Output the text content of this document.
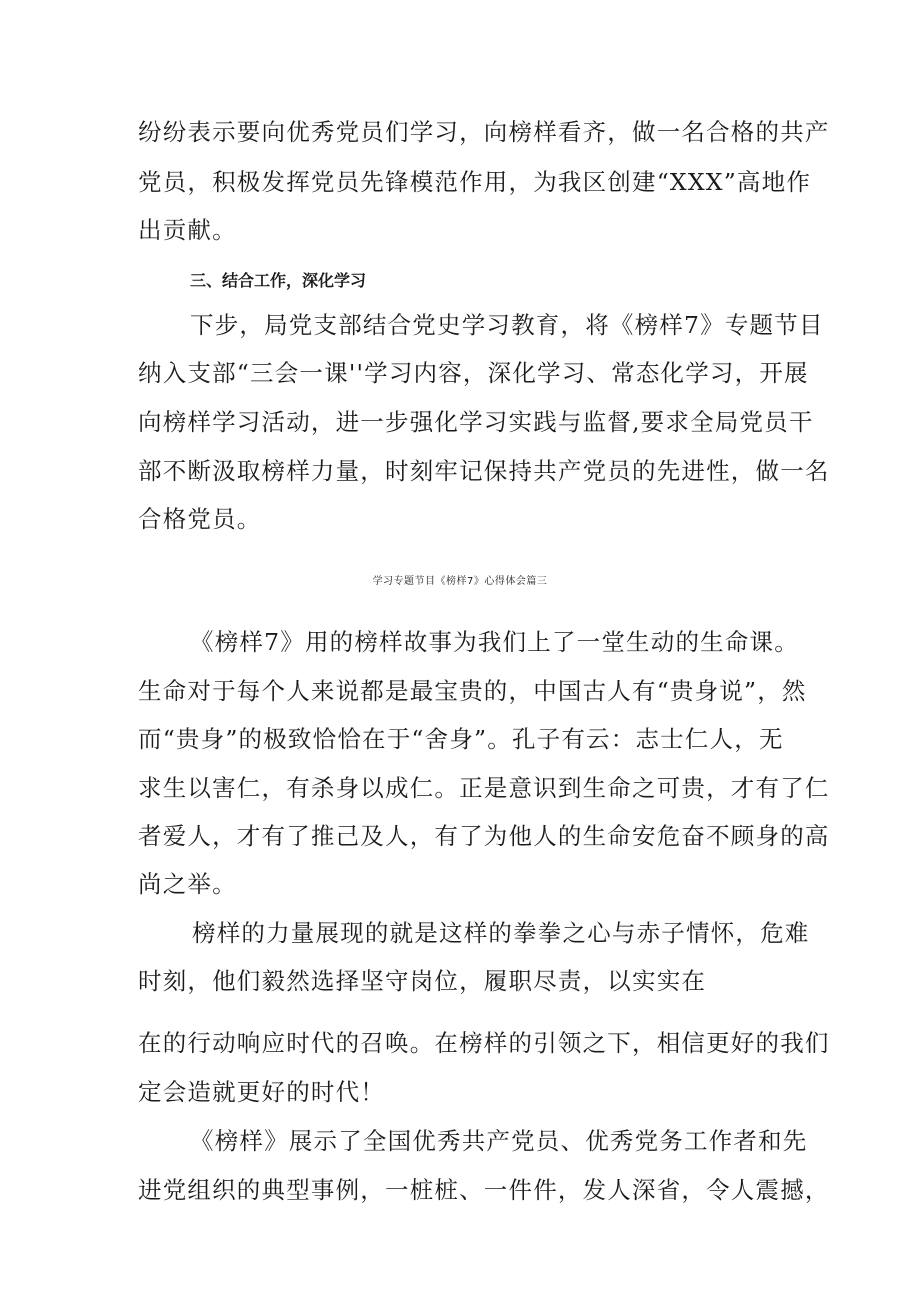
纷纷表示要向优秀党员们学习，向榜样看齐，做一名合格的共产
党员，积极发挥党员先锋模范作用，为我区创建“XXX”高地作
出贡献。
三、结合工作，深化学习
下步，局党支部结合党史学习教育，将《榜样7》专题节目
纳入支部“三会一课''学习内容，深化学习、常态化学习，开展
向榜样学习活动，进一步强化学习实践与监督,要求全局党员干
部不断汲取榜样力量，时刻牢记保持共产党员的先进性，做一名
合格党员。
学习专题节目《榜样7》心得体会篇三
《榜样7》用的榜样故事为我们上了一堂生动的生命课。
生命对于每个人来说都是最宝贵的，中国古人有“贵身说”，然
而“贵身”的极致恰恰在于“舍身”。孔子有云：志士仁人，无
求生以害仁，有杀身以成仁。正是意识到生命之可贵，才有了仁
者爱人，才有了推己及人，有了为他人的生命安危奋不顾身的高
尚之举。
榜样的力量展现的就是这样的拳拳之心与赤子情怀，危难
时刻，他们毅然选择坚守岗位，履职尽责，以实实在
在的行动响应时代的召唤。在榜样的引领之下，相信更好的我们
定会造就更好的时代！
《榜样》展示了全国优秀共产党员、优秀党务工作者和先
进党组织的典型事例，一桩桩、一件件，发人深省，令人震撼，
